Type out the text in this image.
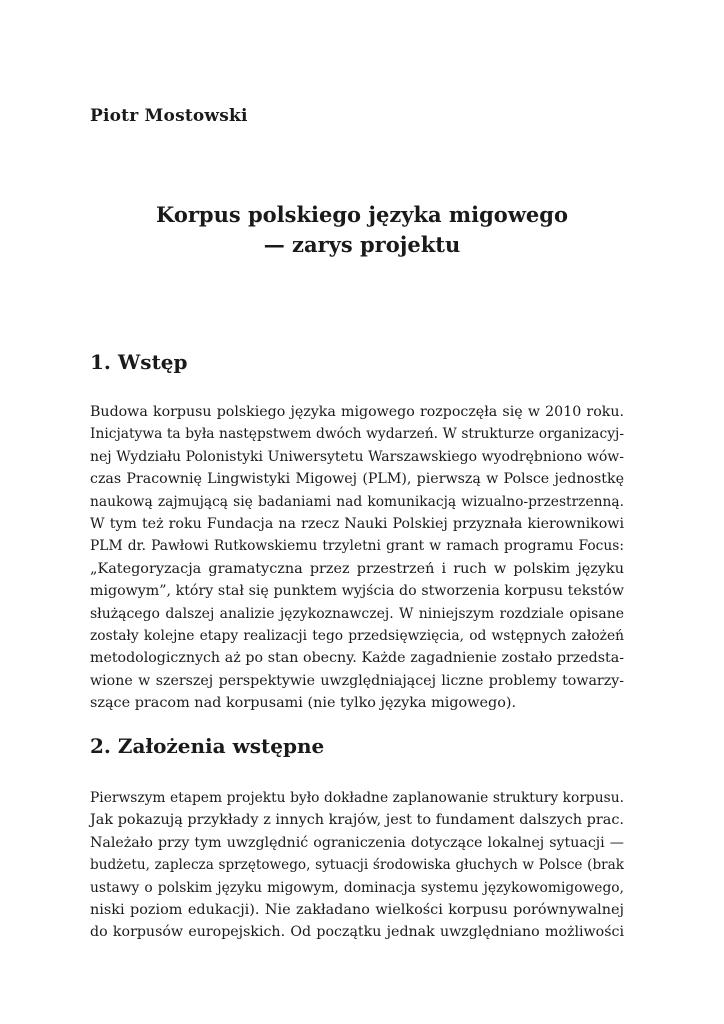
Piotr Mostowski
Korpus polskiego języka migowego
— zarys projektu
1. Wstęp
Budowa korpusu polskiego języka migowego rozpoczęła się w 2010 roku.
Inicjatywa ta była następstwem dwóch wydarzeń. W strukturze organizacyj-
nej Wydziału Polonistyki Uniwersytetu Warszawskiego wyodrębniono wów-
czas Pracownię Lingwistyki Migowej (PLM), pierwszą w Polsce jednostkę
naukową zajmującą się badaniami nad komunikacją wizualno-przestrzenną.
W tym też roku Fundacja na rzecz Nauki Polskiej przyznała kierownikowi
PLM dr. Pawłowi Rutkowskiemu trzyletni grant w ramach programu Focus:
„Kategoryzacja gramatyczna przez przestrzeń i ruch w polskim języku
migowym”, który stał się punktem wyjścia do stworzenia korpusu tekstów
służącego dalszej analizie językoznawczej. W niniejszym rozdziale opisane
zostały kolejne etapy realizacji tego przedsięwzięcia, od wstępnych założeń
metodologicznych aż po stan obecny. Każde zagadnienie zostało przedsta-
wione w szerszej perspektywie uwzględniającej liczne problemy towarzy-
szące pracom nad korpusami (nie tylko języka migowego).
2. Założenia wstępne
Pierwszym etapem projektu było dokładne zaplanowanie struktury korpusu.
Jak pokazują przykłady z innych krajów, jest to fundament dalszych prac.
Należało przy tym uwzględnić ograniczenia dotyczące lokalnej sytuacji —
budżetu, zaplecza sprzętowego, sytuacji środowiska głuchych w Polsce (brak
ustawy o polskim języku migowym, dominacja systemu językowomigowego,
niski poziom edukacji). Nie zakładano wielkości korpusu porównywalnej
do korpusów europejskich. Od początku jednak uwzględniano możliwości
